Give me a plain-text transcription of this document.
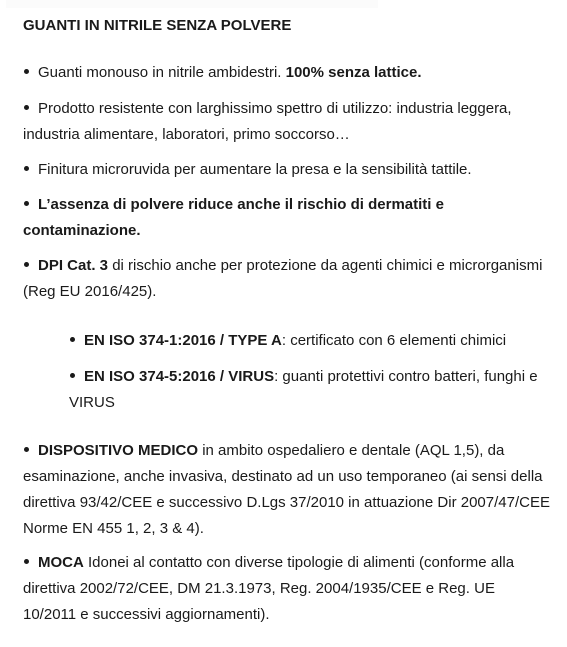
GUANTI IN NITRILE SENZA POLVERE

Guanti monouso in nitrile ambidestri. 100% senza lattice.

Prodotto resistente con larghissimo spettro di utilizzo: industria leggera, industria alimentare, laboratori, primo soccorso…

Finitura microruvida per aumentare la presa e la sensibilità tattile.

L’assenza di polvere riduce anche il rischio di dermatiti e contaminazione.

DPI Cat. 3 di rischio anche per protezione da agenti chimici e microrganismi (Reg EU 2016/425).

EN ISO 374-1:2016 / TYPE A: certificato con 6 elementi chimici

EN ISO 374-5:2016 / VIRUS: guanti protettivi contro batteri, funghi e VIRUS

DISPOSITIVO MEDICO in ambito ospedaliero e dentale (AQL 1,5), da esaminazione, anche invasiva, destinato ad un uso temporaneo (ai sensi della direttiva 93/42/CEE e successivo D.Lgs 37/2010 in attuazione Dir 2007/47/CEE Norme EN 455 1, 2, 3 & 4).

MOCA Idonei al contatto con diverse tipologie di alimenti (conforme alla direttiva 2002/72/CEE, DM 21.3.1973, Reg. 2004/1935/CEE e Reg. UE 10/2011 e successivi aggiornamenti).
